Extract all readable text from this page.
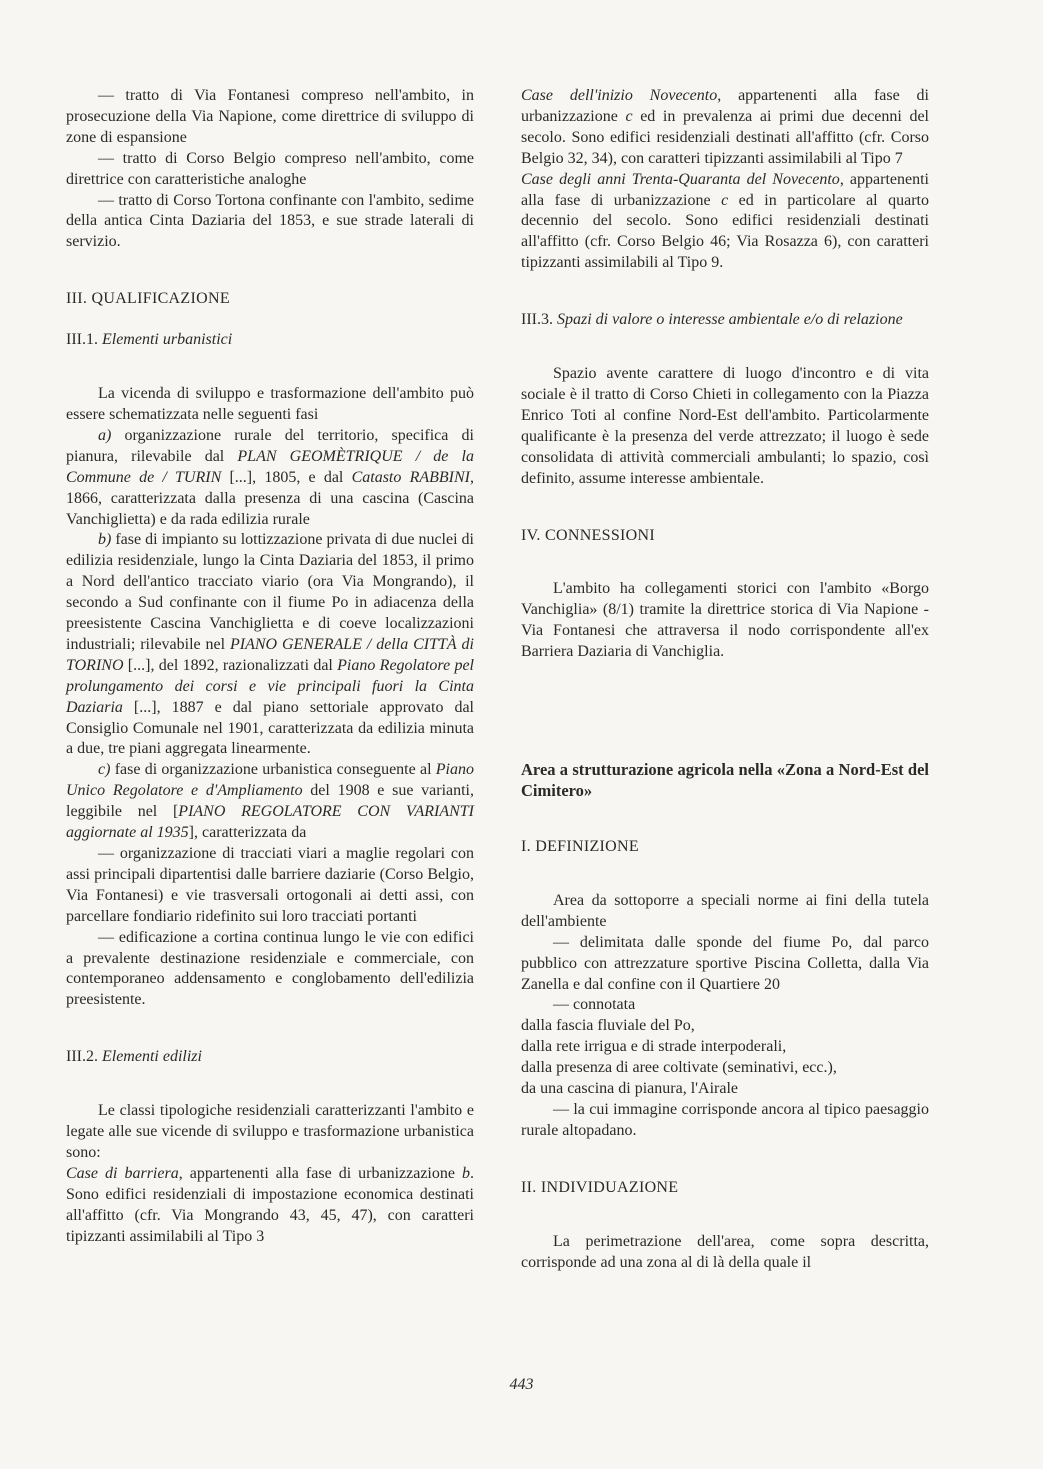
— tratto di Via Fontanesi compreso nell'ambito, in prosecuzione della Via Napione, come direttrice di sviluppo di zone di espansione

— tratto di Corso Belgio compreso nell'ambito, come direttrice con caratteristiche analoghe

— tratto di Corso Tortona confinante con l'ambito, sedime della antica Cinta Daziaria del 1853, e sue strade laterali di servizio.

III. QUALIFICAZIONE
III.1. Elementi urbanistici

La vicenda di sviluppo e trasformazione dell'ambito può essere schematizzata nelle seguenti fasi

a) organizzazione rurale del territorio, specifica di pianura, rilevabile dal PLAN GEOMÈTRIQUE / de la Commune de / TURIN [...], 1805, e dal Catasto RABBINI, 1866, caratterizzata dalla presenza di una cascina (Cascina Vanchiglietta) e da rada edilizia rurale

b) fase di impianto su lottizzazione privata di due nuclei di edilizia residenziale, lungo la Cinta Daziaria del 1853, il primo a Nord dell'antico tracciato viario (ora Via Mongrando), il secondo a Sud confinante con il fiume Po in adiacenza della preesistente Cascina Vanchiglietta e di coeve localizzazioni industriali; rilevabile nel PIANO GENERALE / della CITTÀ di TORINO [...], del 1892, razionalizzati dal Piano Regolatore pel prolungamento dei corsi e vie principali fuori la Cinta Daziaria [...], 1887 e dal piano settoriale approvato dal Consiglio Comunale nel 1901, caratterizzata da edilizia minuta a due, tre piani aggregata linearmente.

c) fase di organizzazione urbanistica conseguente al Piano Unico Regolatore e d'Ampliamento del 1908 e sue varianti, leggibile nel [PIANO REGOLATORE CON VARIANTI aggiornate al 1935], caratterizzata da

— organizzazione di tracciati viari a maglie regolari con assi principali dipartentisi dalle barriere daziarie (Corso Belgio, Via Fontanesi) e vie trasversali ortogonali ai detti assi, con parcellare fondiario ridefinito sui loro tracciati portanti

— edificazione a cortina continua lungo le vie con edifici a prevalente destinazione residenziale e commerciale, con contemporaneo addensamento e conglobamento dell'edilizia preesistente.

III.2. Elementi edilizi

Le classi tipologiche residenziali caratterizzanti l'ambito e legate alle sue vicende di sviluppo e trasformazione urbanistica sono:

Case di barriera, appartenenti alla fase di urbanizzazione b. Sono edifici residenziali di impostazione economica destinati all'affitto (cfr. Via Mongrando 43, 45, 47), con caratteri tipizzanti assimilabili al Tipo 3

Case dell'inizio Novecento, appartenenti alla fase di urbanizzazione c ed in prevalenza ai primi due decenni del secolo. Sono edifici residenziali destinati all'affitto (cfr. Corso Belgio 32, 34), con caratteri tipizzanti assimilabili al Tipo 7

Case degli anni Trenta-Quaranta del Novecento, appartenenti alla fase di urbanizzazione c ed in particolare al quarto decennio del secolo. Sono edifici residenziali destinati all'affitto (cfr. Corso Belgio 46; Via Rosazza 6), con caratteri tipizzanti assimilabili al Tipo 9.

III.3. Spazi di valore o interesse ambientale e/o di relazione

Spazio avente carattere di luogo d'incontro e di vita sociale è il tratto di Corso Chieti in collegamento con la Piazza Enrico Toti al confine Nord-Est dell'ambito. Particolarmente qualificante è la presenza del verde attrezzato; il luogo è sede consolidata di attività commerciali ambulanti; lo spazio, così definito, assume interesse ambientale.

IV. CONNESSIONI

L'ambito ha collegamenti storici con l'ambito «Borgo Vanchiglia» (8/1) tramite la direttrice storica di Via Napione - Via Fontanesi che attraversa il nodo corrispondente all'ex Barriera Daziaria di Vanchiglia.

Area a strutturazione agricola nella «Zona a Nord-Est del Cimitero»

I. DEFINIZIONE

Area da sottoporre a speciali norme ai fini della tutela dell'ambiente

— delimitata dalle sponde del fiume Po, dal parco pubblico con attrezzature sportive Piscina Colletta, dalla Via Zanella e dal confine con il Quartiere 20

— connotata

dalla fascia fluviale del Po,

dalla rete irrigua e di strade interpoderali,

dalla presenza di aree coltivate (seminativi, ecc.),

da una cascina di pianura, l'Airale

— la cui immagine corrisponde ancora al tipico paesaggio rurale altopadano.

II. INDIVIDUAZIONE

La perimetrazione dell'area, come sopra descritta, corrisponde ad una zona al di là della quale il

443
